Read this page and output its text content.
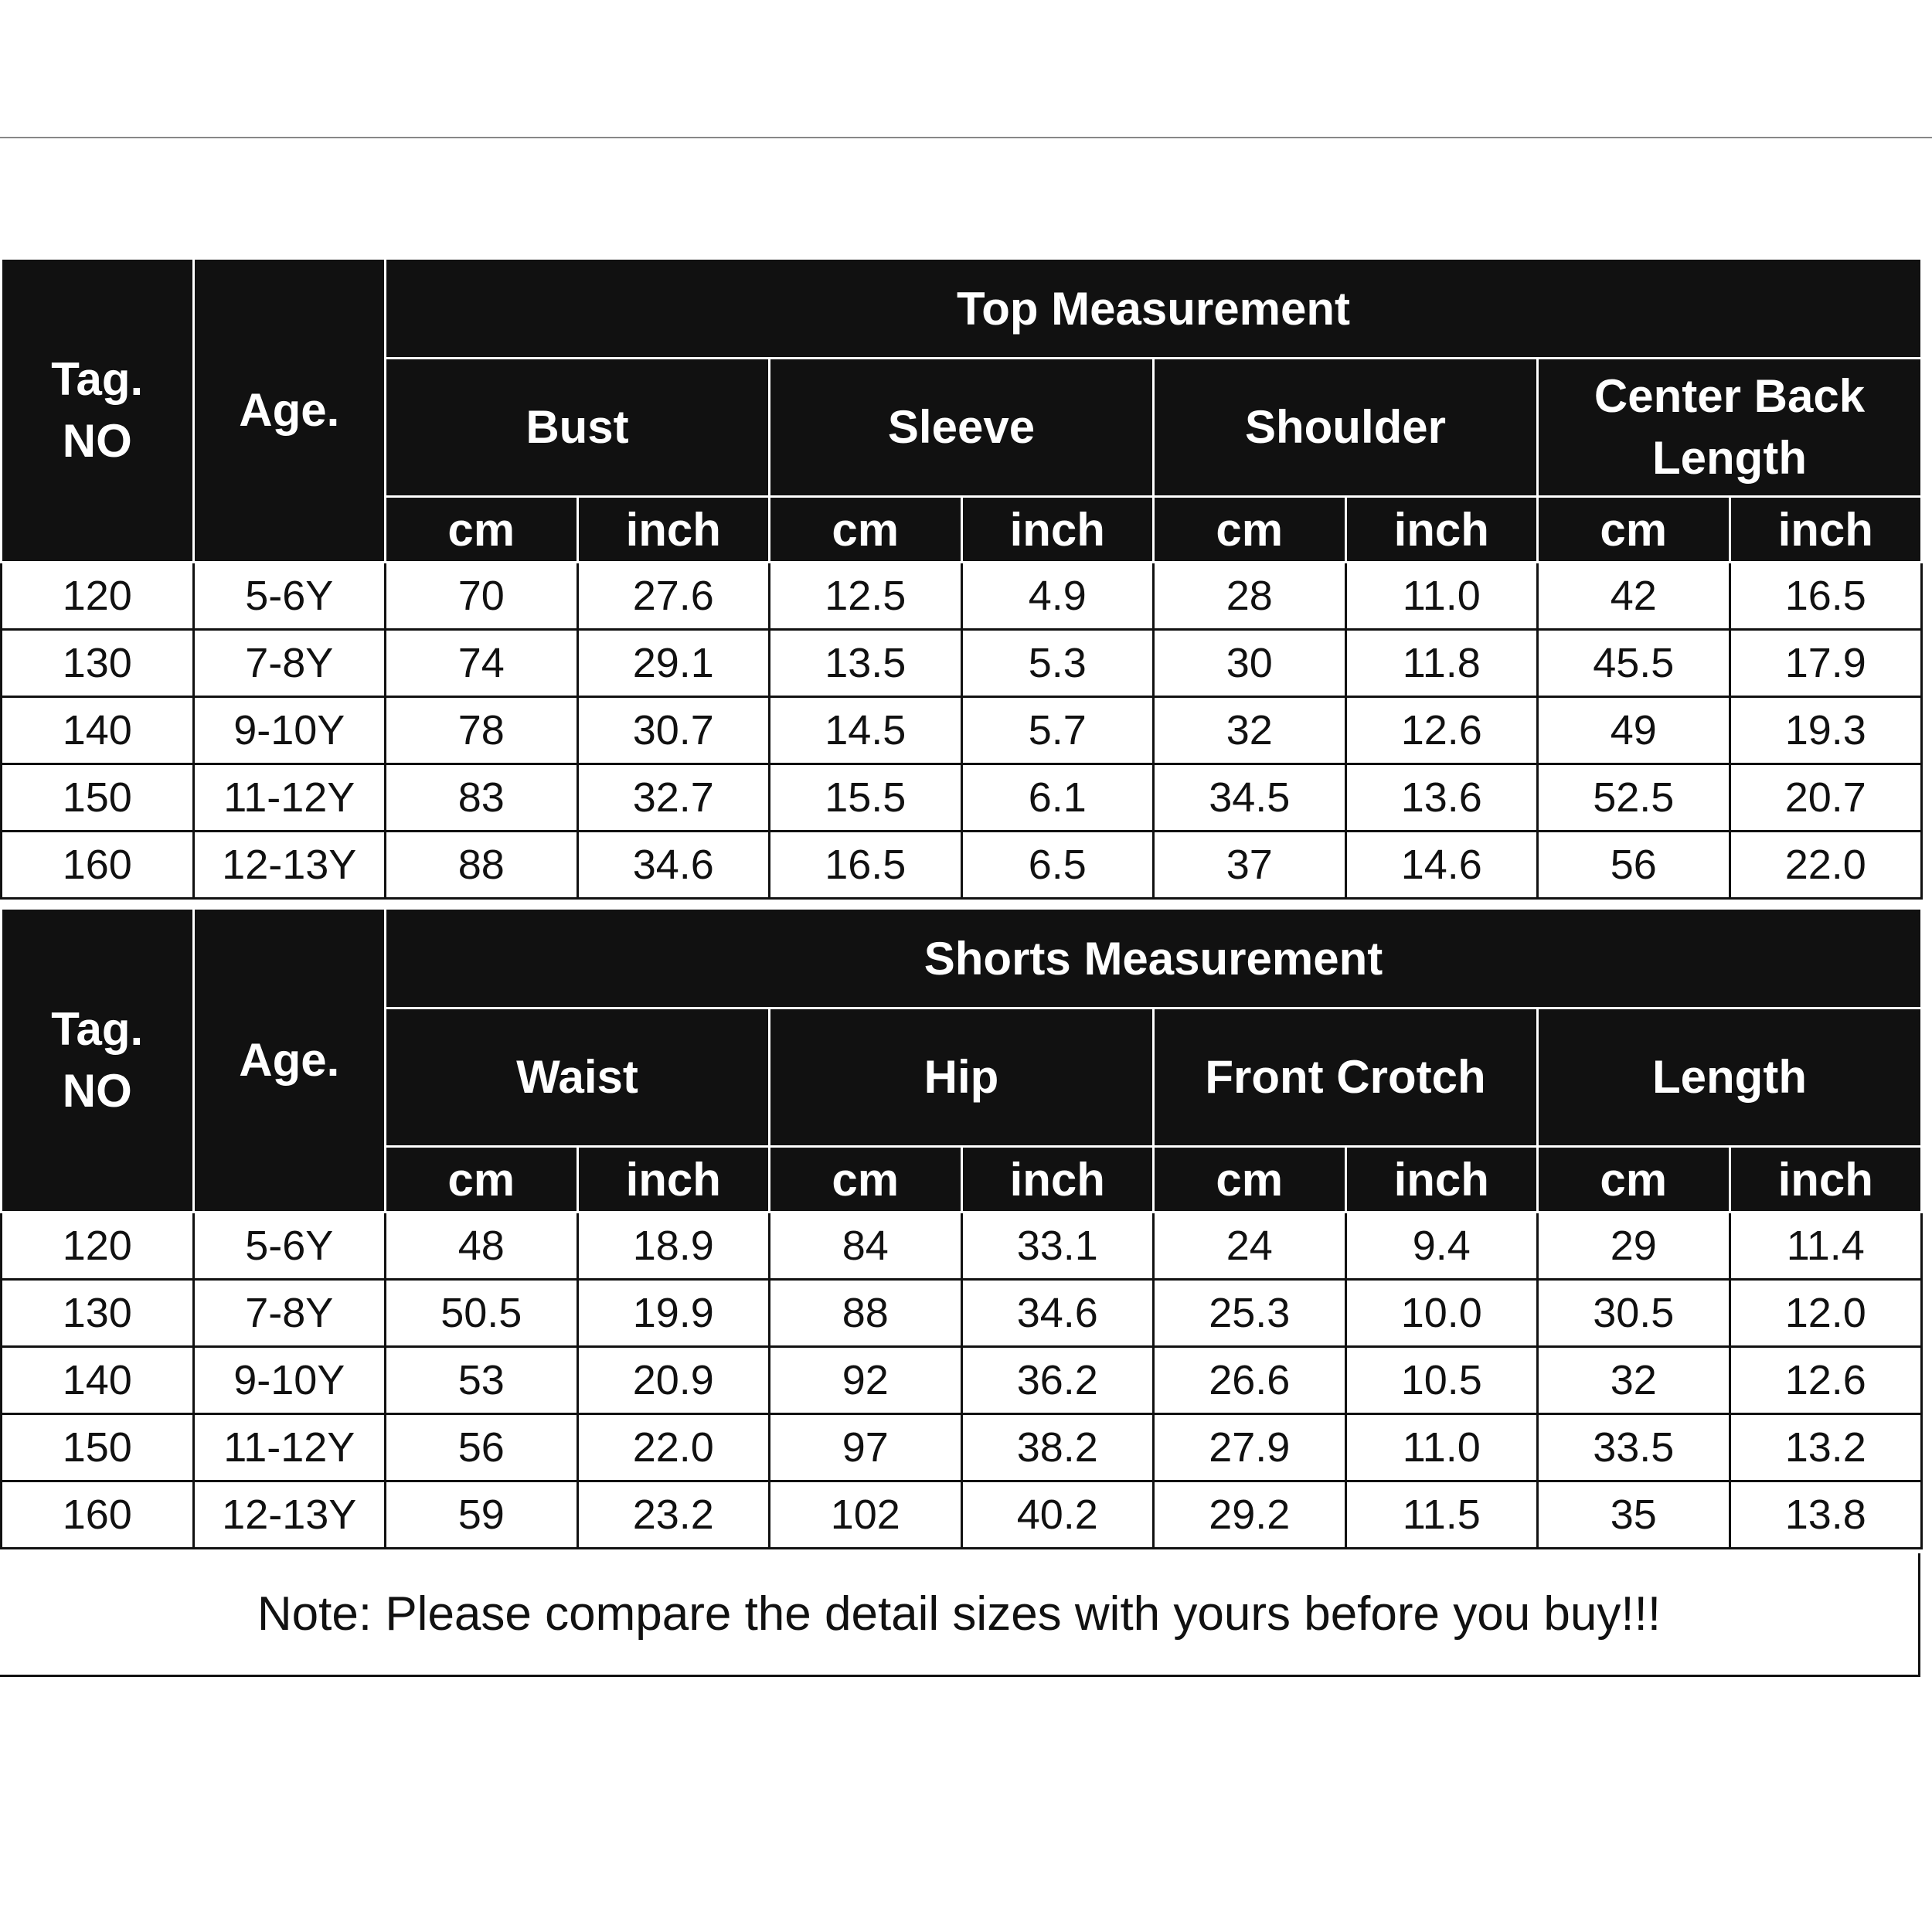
Tag. NO	Age.	Top Measurement							
		Bust		Sleeve		Shoulder		Center Back Length	
		cm	inch	cm	inch	cm	inch	cm	inch
120	5-6Y	70	27.6	12.5	4.9	28	11.0	42	16.5
130	7-8Y	74	29.1	13.5	5.3	30	11.8	45.5	17.9
140	9-10Y	78	30.7	14.5	5.7	32	12.6	49	19.3
150	11-12Y	83	32.7	15.5	6.1	34.5	13.6	52.5	20.7
160	12-13Y	88	34.6	16.5	6.5	37	14.6	56	22.0
Tag. NO	Age.	Shorts Measurement							
		Waist		Hip		Front Crotch		Length	
		cm	inch	cm	inch	cm	inch	cm	inch
120	5-6Y	48	18.9	84	33.1	24	9.4	29	11.4
130	7-8Y	50.5	19.9	88	34.6	25.3	10.0	30.5	12.0
140	9-10Y	53	20.9	92	36.2	26.6	10.5	32	12.6
150	11-12Y	56	22.0	97	38.2	27.9	11.0	33.5	13.2
160	12-13Y	59	23.2	102	40.2	29.2	11.5	35	13.8
Note: Please compare the detail sizes with yours before you buy!!!
